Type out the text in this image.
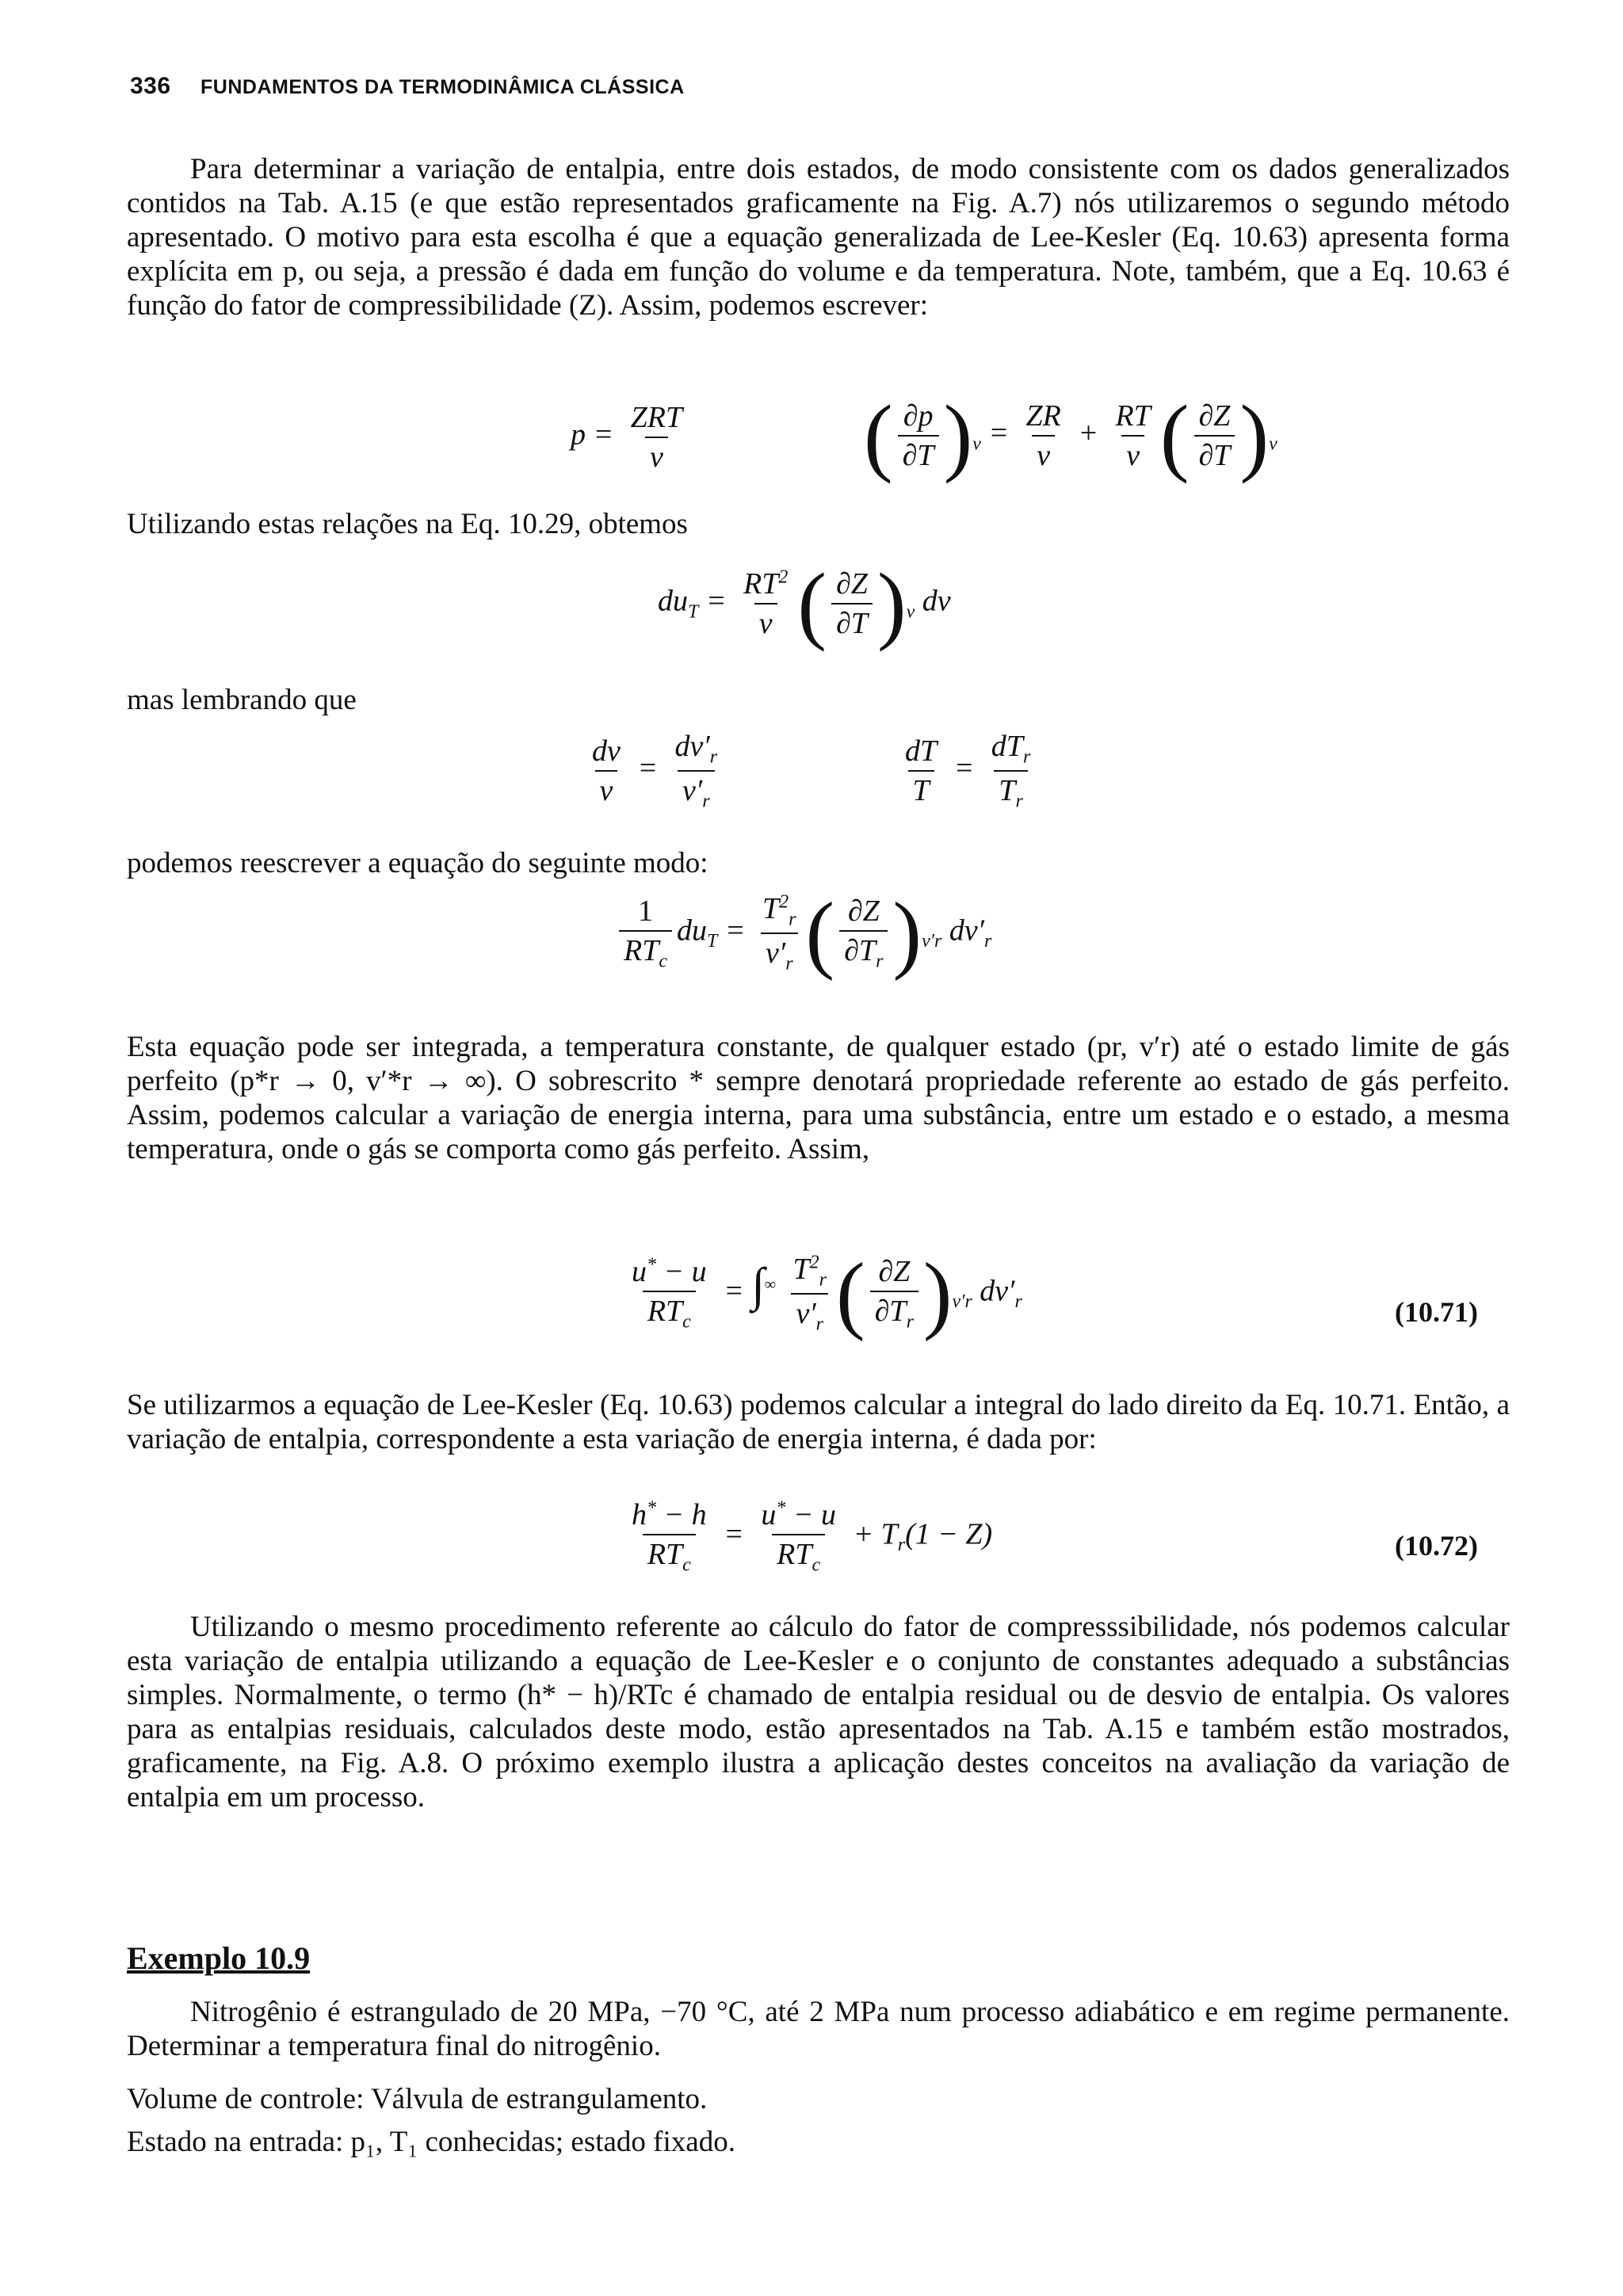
336 FUNDAMENTOS DA TERMODINÂMICA CLÁSSICA
Para determinar a variação de entalpia, entre dois estados, de modo consistente com os dados generalizados contidos na Tab. A.15 (e que estão representados graficamente na Fig. A.7) nós utilizaremos o segundo método apresentado. O motivo para esta escolha é que a equação generalizada de Lee-Kesler (Eq. 10.63) apresenta forma explícita em p, ou seja, a pressão é dada em função do volume e da temperatura. Note, também, que a Eq. 10.63 é função do fator de compressibilidade (Z). Assim, podemos escrever:
$p = \frac{\text{ZRT}}{v}$ ( $\frac{\partial p}{\partial T} )_v = \frac{ZR}{v} + \frac{RT}{v}$ ( $\frac{\partial Z}{\partial T} )_v$
Utilizando estas relações na Eq. 10.29, obtemos
$du_T = \frac{RT^2}{v}$ ( $\frac{\partial Z}{\partial T} )_v$ dv
mas lembrando que
$\frac{dv}{v} = \frac{dv'_r}{v'_r}$	$\frac{dT}{T} = \frac{dT_r}{T_r}$
podemos reescrever a equação do seguinte modo:
$\frac{1}{RT_c} du_T = \frac{T^2_r}{v'_r}$ ( $\frac{\partial Z}{\partial T_r} )_{v'r}$ $dv'_r$
Esta equação pode ser integrada, a temperatura constante, de qualquer estado (pr, v′r) até o estado limite de gás perfeito (p*r → 0, v′*r → ∞). O sobrescrito * sempre denotará propriedade referente ao estado de gás perfeito. Assim, podemos calcular a variação de energia interna, para uma substância, entre um estado e o estado, a mesma temperatura, onde o gás se comporta como gás perfeito. Assim,
$\frac{u^* - u}{RT_c} = \int^\infty \frac{T^2_r}{v'_r}$ ( $\frac{\partial Z}{\partial T_r} )_{v'r}$ $dv'_r$	(10.71)
Se utilizarmos a equação de Lee-Kesler (Eq. 10.63) podemos calcular a integral do lado direito da Eq. 10.71. Então, a variação de entalpia, correspondente a esta variação de energia interna, é dada por:
$\frac{h^* - h}{RT_c} = \frac{u^* - u}{RT_c} + T_r(1 - Z)$	(10.72)
Utilizando o mesmo procedimento referente ao cálculo do fator de compresssibilidade, nós podemos calcular esta variação de entalpia utilizando a equação de Lee-Kesler e o conjunto de constantes adequado a substâncias simples. Normalmente, o termo (h* − h)/RTc é chamado de entalpia residual ou de desvio de entalpia. Os valores para as entalpias residuais, calculados deste modo, estão apresentados na Tab. A.15 e também estão mostrados, graficamente, na Fig. A.8. O próximo exemplo ilustra a aplicação destes conceitos na avaliação da variação de entalpia em um processo.
Exemplo 10.9
Nitrogênio é estrangulado de 20 MPa, −70 °C, até 2 MPa num processo adiabático e em regime permanente. Determinar a temperatura final do nitrogênio.
Volume de controle: Válvula de estrangulamento.
Estado na entrada: p₁, T₁ conhecidas; estado fixado.
